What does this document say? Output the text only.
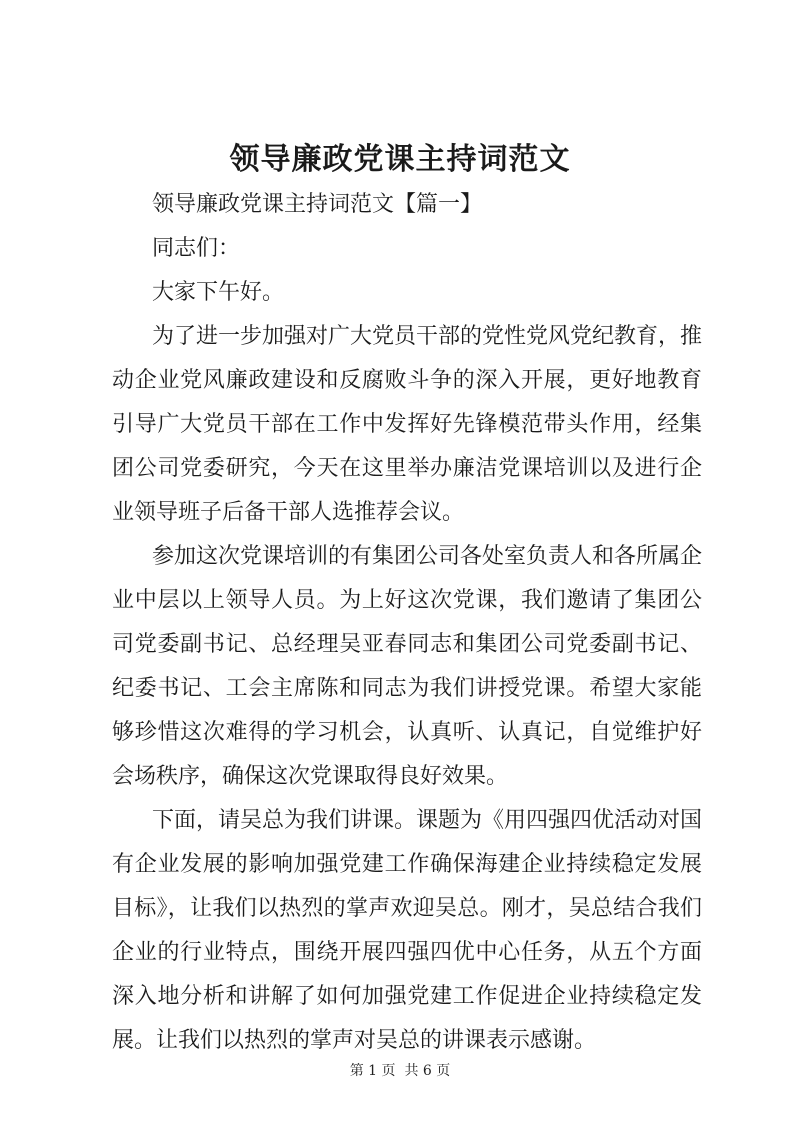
领导廉政党课主持词范文

领导廉政党课主持词范文【篇一】

同志们：

大家下午好。

为了进一步加强对广大党员干部的党性党风党纪教育，推动企业党风廉政建设和反腐败斗争的深入开展，更好地教育引导广大党员干部在工作中发挥好先锋模范带头作用，经集团公司党委研究，今天在这里举办廉洁党课培训以及进行企业领导班子后备干部人选推荐会议。

参加这次党课培训的有集团公司各处室负责人和各所属企业中层以上领导人员。为上好这次党课，我们邀请了集团公司党委副书记、总经理吴亚春同志和集团公司党委副书记、纪委书记、工会主席陈和同志为我们讲授党课。希望大家能够珍惜这次难得的学习机会，认真听、认真记，自觉维护好会场秩序，确保这次党课取得良好效果。

下面，请吴总为我们讲课。课题为《用四强四优活动对国有企业发展的影响加强党建工作确保海建企业持续稳定发展目标》，让我们以热烈的掌声欢迎吴总。刚才，吴总结合我们企业的行业特点，围绕开展四强四优中心任务，从五个方面深入地分析和讲解了如何加强党建工作促进企业持续稳定发展。让我们以热烈的掌声对吴总的讲课表示感谢。

第 1 页  共 6 页
